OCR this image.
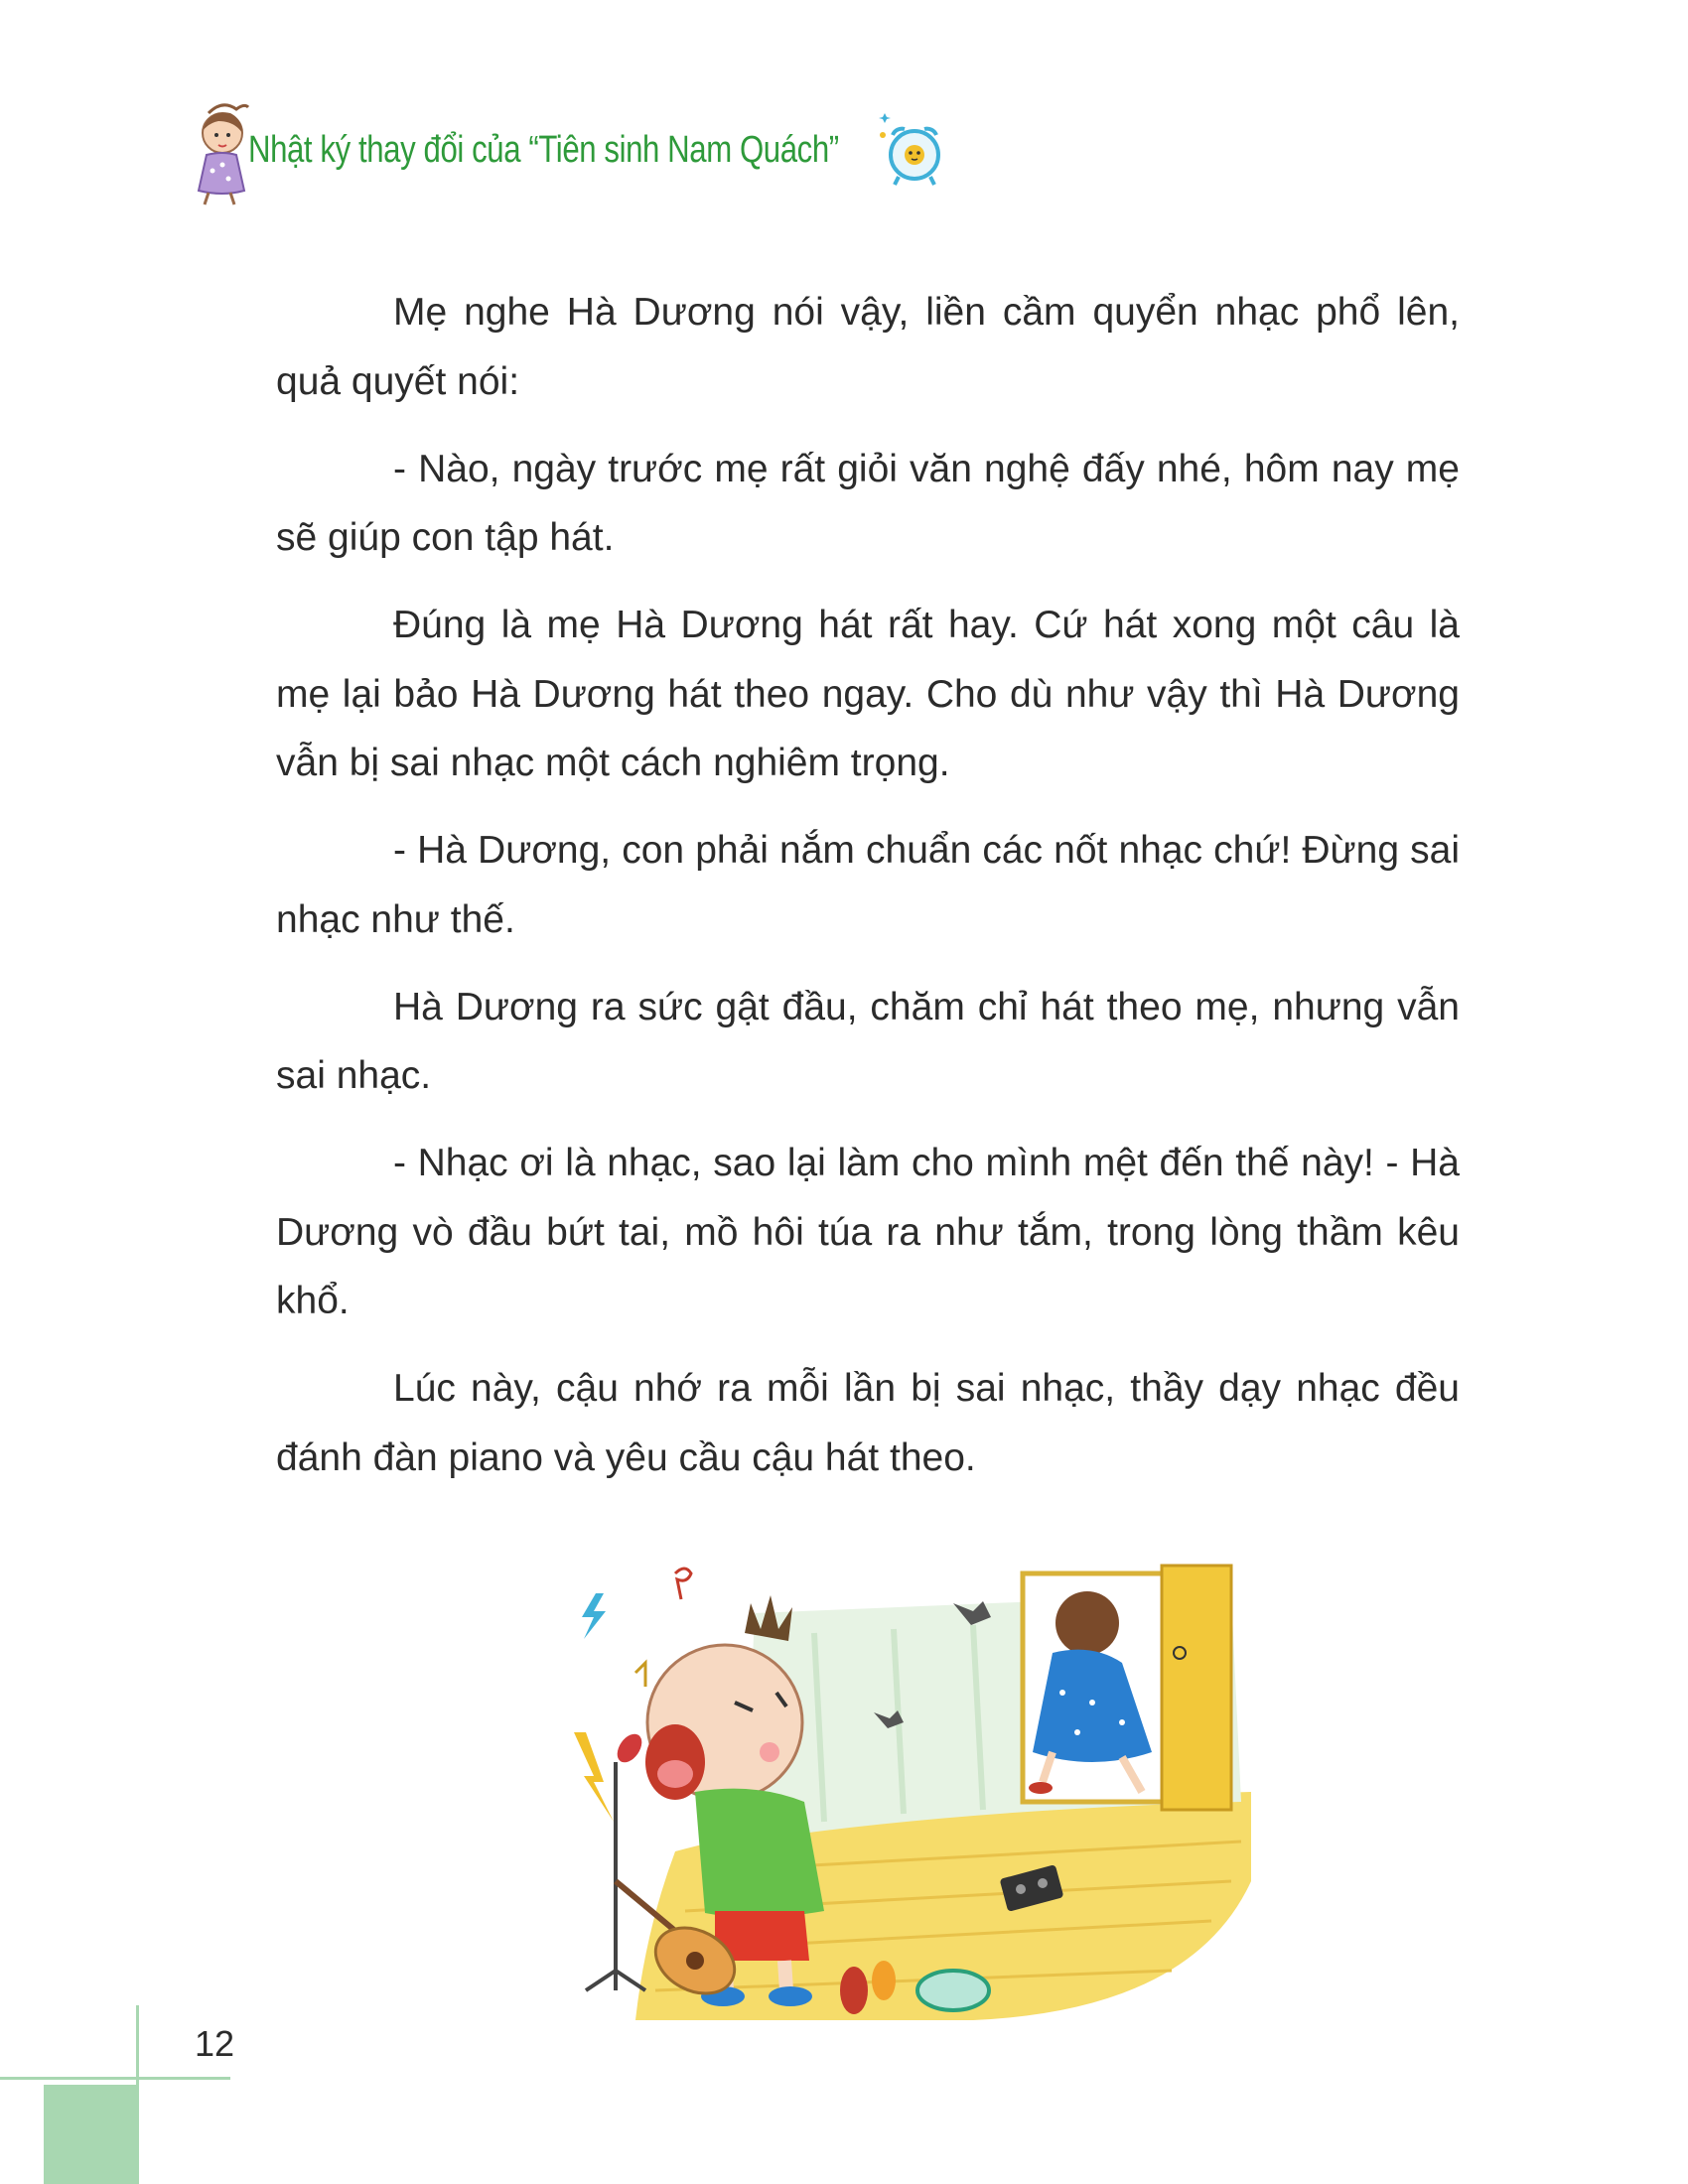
Nhật ký thay đổi của “Tiên sinh Nam Quách”

Mẹ nghe Hà Dương nói vậy, liền cầm quyển nhạc phổ lên, quả quyết nói:

- Nào, ngày trước mẹ rất giỏi văn nghệ đấy nhé, hôm nay mẹ sẽ giúp con tập hát.

Đúng là mẹ Hà Dương hát rất hay. Cứ hát xong một câu là mẹ lại bảo Hà Dương hát theo ngay. Cho dù như vậy thì Hà Dương vẫn bị sai nhạc một cách nghiêm trọng.

- Hà Dương, con phải nắm chuẩn các nốt nhạc chứ! Đừng sai nhạc như thế.

Hà Dương ra sức gật đầu, chăm chỉ hát theo mẹ, nhưng vẫn sai nhạc.

- Nhạc ơi là nhạc, sao lại làm cho mình mệt đến thế này! - Hà Dương vò đầu bứt tai, mồ hôi túa ra như tắm, trong lòng thầm kêu khổ.

Lúc này, cậu nhớ ra mỗi lần bị sai nhạc, thầy dạy nhạc đều đánh đàn piano và yêu cầu cậu hát theo.

12
